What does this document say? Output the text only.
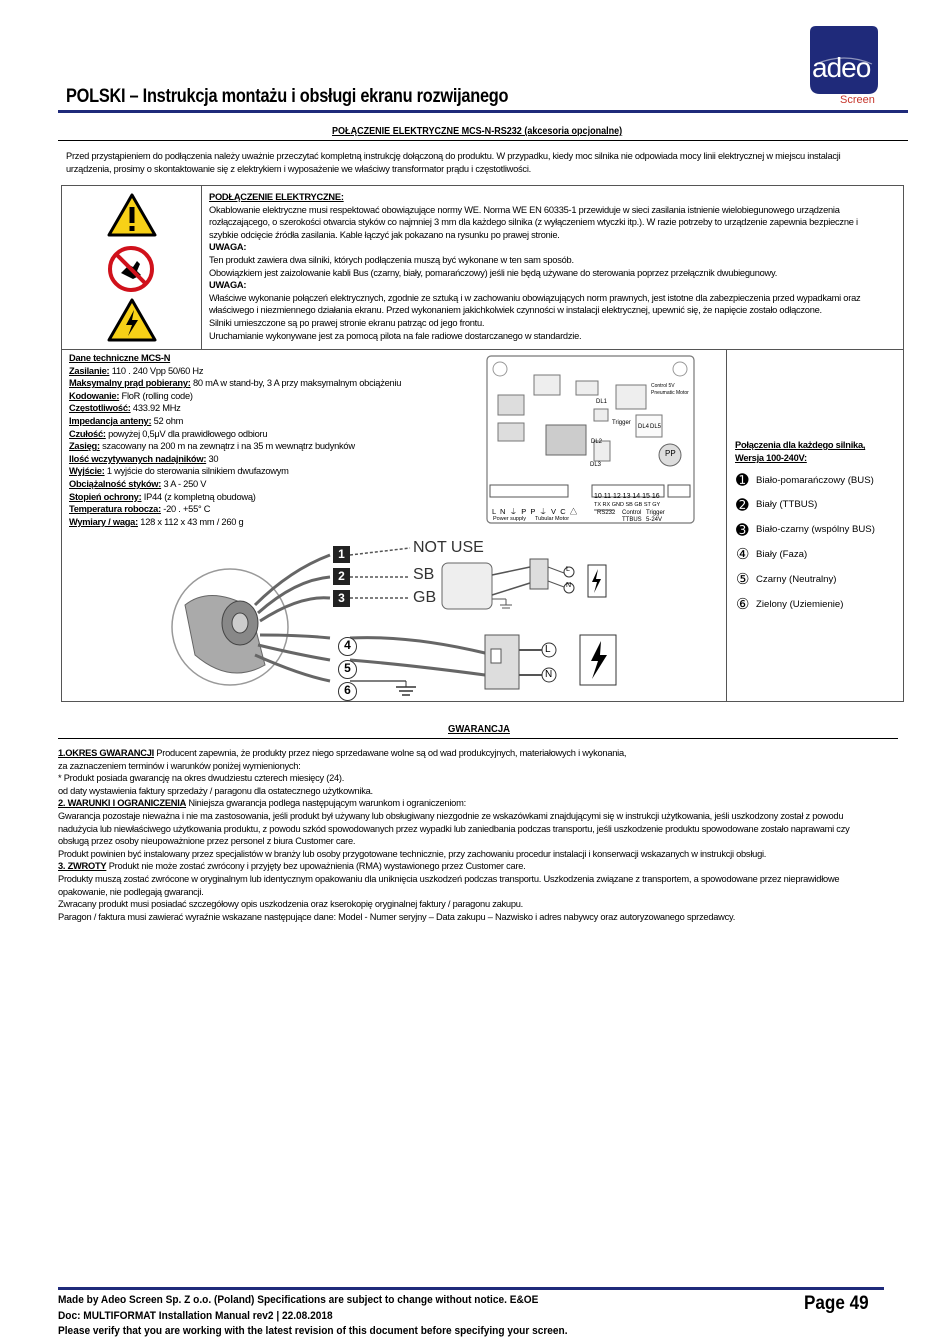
adeo
Screen
POLSKI – Instrukcja montażu i obsługi ekranu rozwijanego
POŁĄCZENIE ELEKTRYCZNE MCS-N-RS232 (akcesoria opcjonalne)
Przed przystąpieniem do podłączenia należy uważnie przeczytać kompletną instrukcję dołączoną do produktu. W przypadku, kiedy moc silnika nie odpowiada mocy linii elektrycznej w miejscu instalacji
urządzenia, prosimy o skontaktowanie się z elektrykiem i wyposażenie we właściwy transformator prądu i częstotliwości.

PODŁĄCZENIE ELEKTRYCZNE:

Okablowanie elektryczne musi respektować obowiązujące normy WE. Norma WE EN 60335-1 przewiduje w sieci zasilania istnienie wielobiegunowego urządzenia

rozłączającego, o szerokości otwarcia styków co najmniej 3 mm dla każdego silnika (z wyłączeniem wtyczki itp.). W razie potrzeby to urządzenie zapewnia bezpieczne i

szybkie odcięcie źródła zasilania. Kable łączyć jak pokazano na rysunku po prawej stronie.

UWAGA:

Ten produkt zawiera dwa silniki, których podłączenia muszą być wykonane w ten sam sposób.

Obowiązkiem jest zaizolowanie kabli Bus (czarny, biały, pomarańczowy) jeśli nie będą używane do sterowania poprzez przełącznik dwubiegunowy.

UWAGA:

Właściwe wykonanie połączeń elektrycznych, zgodnie ze sztuką i w zachowaniu obowiązujących norm prawnych, jest istotne dla zabezpieczenia przed wypadkami oraz

właściwego i niezmiennego działania ekranu. Przed wykonaniem jakichkolwiek czynności w instalacji elektrycznej, upewnić się, że napięcie zostało odłączone.

Silniki umieszczone są po prawej stronie ekranu patrząc od jego frontu.

Uruchamianie wykonywane jest za pomocą pilota na fale radiowe dostarczanego w standardzie.

Dane techniczne MCS-N
Zasilanie: 110 . 240 Vpp 50/60 Hz
Maksymalny prąd pobierany: 80 mA w stand-by, 3 A przy maksymalnym obciążeniu
Kodowanie: FloR (rolling code)
Częstotliwość: 433.92 MHz
Impedancja anteny: 52 ohm
Czułość: powyżej 0,5μV dla prawidłowego odbioru
Zasięg: szacowany na 200 m na zewnątrz i na 35 m wewnątrz budynków
Ilość wczytywanych nadajników: 30
Wyjście: 1 wyjście do sterowania silnikiem dwufazowym
Obciążalność styków: 3 A - 250 V
Stopień ochrony: IP44 (z kompletną obudową)
Temperatura robocza: -20 . +55° C
Wymiary / waga: 128 x 112 x 43 mm / 260 g
PP
DL1
DL2
DL3
DL4 DL5
Trigger
Control 5V
Pneumatic Motor
L  N  ⏚  P  P  ⏚  V  C  △
Power supply Tubular Motor
10 11 12 13 14 15 16
TX RX GND SB GB ST GY
RS232 Control Trigger
TTBUS 5-24V
1
2
3
4
5
6
NOT USE
SB
GB
L
N
L
N
Połączenia dla każdego silnika,
Wersja 100-240V:
➊ Biało-pomarańczowy (BUS)
➋ Biały (TTBUS)
➌ Biało-czarny (wspólny BUS)
④ Biały (Faza)
⑤ Czarny (Neutralny)
⑥ Zielony (Uziemienie)
GWARANCJA

1.OKRES GWARANCJI Producent zapewnia, że produkty przez niego sprzedawane wolne są od wad produkcyjnych, materiałowych i wykonania,

za zaznaczeniem terminów i warunków poniżej wymienionych:

* Produkt posiada gwarancję na okres dwudziestu czterech miesięcy (24).

od daty wystawienia faktury sprzedaży / paragonu dla ostatecznego użytkownika.

2. WARUNKI I OGRANICZENIA Niniejsza gwarancja podlega następującym warunkom i ograniczeniom:

Gwarancja pozostaje nieważna i nie ma zastosowania, jeśli produkt był używany lub obsługiwany niezgodnie ze wskazówkami znajdującymi się w instrukcji użytkowania, jeśli uszkodzony został z powodu

nadużycia lub niewłaściwego użytkowania produktu, z powodu szkód spowodowanych przez wypadki lub zaniedbania podczas transportu, jeśli uszkodzenie produktu spowodowane zostało naprawami czy

obsługą przez osoby nieupoważnione przez personel z biura Customer care.

Produkt powinien być instalowany przez specjalistów w branży lub osoby przygotowane technicznie, przy zachowaniu procedur instalacji i konserwacji wskazanych w instrukcji obsługi.

3. ZWROTY Produkt nie może zostać zwrócony i przyjęty bez upoważnienia (RMA) wystawionego przez Customer care.

Produkty muszą zostać zwrócone w oryginalnym lub identycznym opakowaniu dla uniknięcia uszkodzeń podczas transportu. Uszkodzenia związane z transportem, a spowodowane przez nieprawidłowe

opakowanie, nie podlegają gwarancji.

Zwracany produkt musi posiadać szczegółowy opis uszkodzenia oraz kserokopię oryginalnej faktury / paragonu zakupu.

Paragon / faktura musi zawierać wyraźnie wskazane następujące dane: Model - Numer seryjny – Data zakupu – Nazwisko i adres nabywcy oraz autoryzowanego sprzedawcy.

Made by Adeo Screen Sp. Z o.o. (Poland) Specifications are subject to change without notice. E&OE
Doc: MULTIFORMAT Installation Manual rev2 | 22.08.2018
Please verify that you are working with the latest revision of this document before specifying your screen.
Page 49
